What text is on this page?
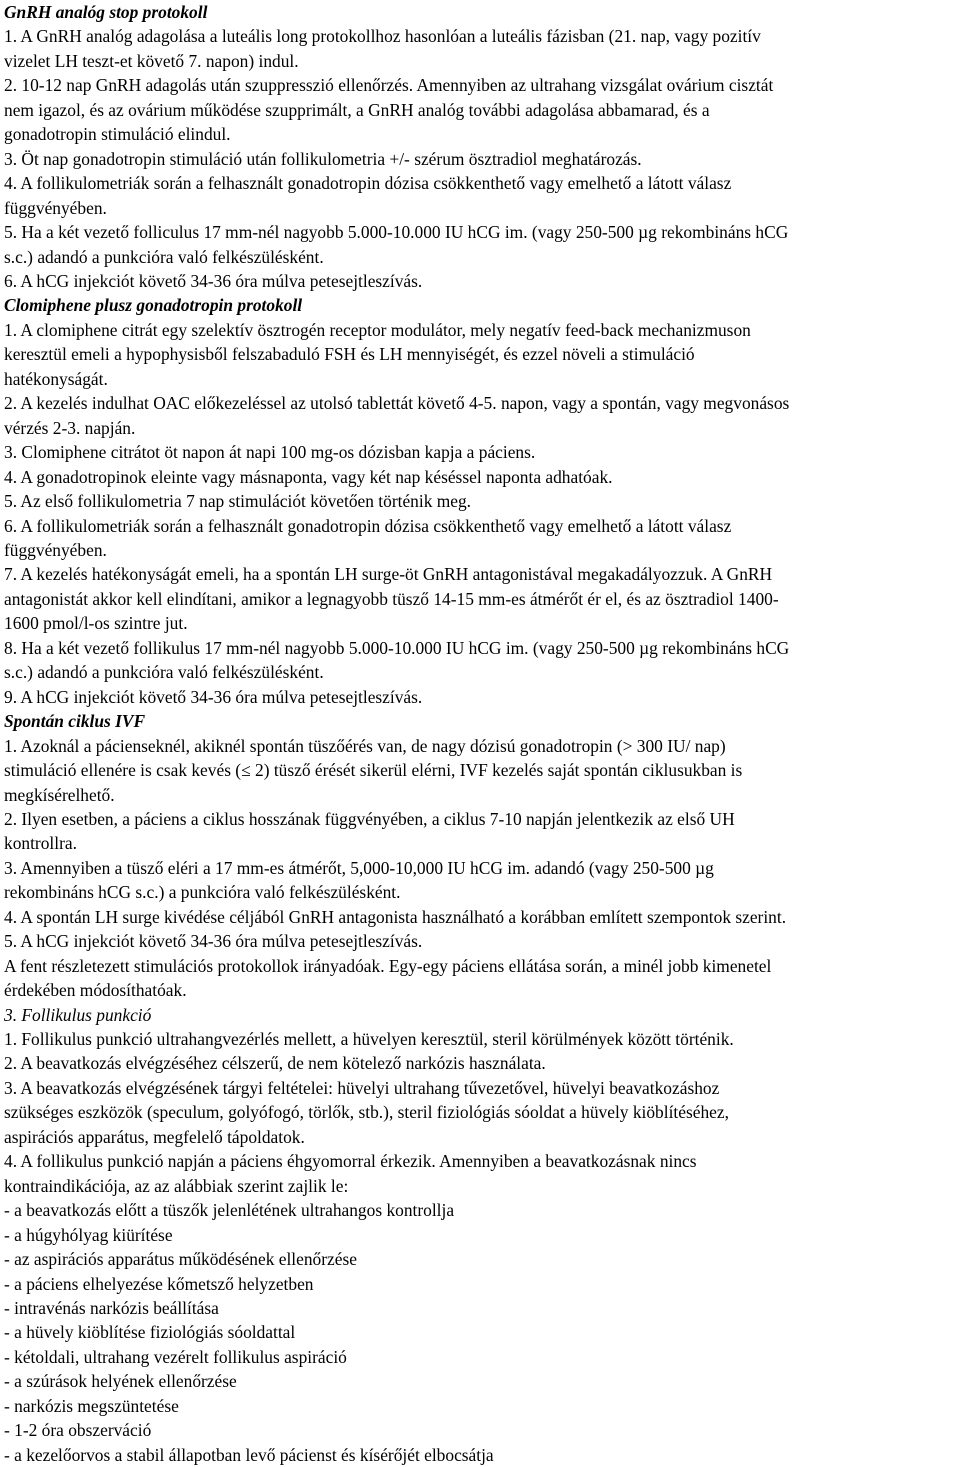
GnRH analóg stop protokoll
1. A GnRH analóg adagolása a luteális long protokollhoz hasonlóan a luteális fázisban (21. nap, vagy pozitív
vizelet LH teszt-et követő 7. napon) indul.
2. 10-12 nap GnRH adagolás után szuppresszió ellenőrzés. Amennyiben az ultrahang vizsgálat ovárium cisztát
nem igazol, és az ovárium működése szupprimált, a GnRH analóg további adagolása abbamarad, és a
gonadotropin stimuláció elindul.
3. Öt nap gonadotropin stimuláció után follikulometria +/- szérum ösztradiol meghatározás.
4. A follikulometriák során a felhasznált gonadotropin dózisa csökkenthető vagy emelhető a látott válasz
függvényében.
5. Ha a két vezető folliculus 17 mm-nél nagyobb 5.000-10.000 IU hCG im. (vagy 250-500 µg rekombináns hCG
s.c.) adandó a punkcióra való felkészülésként.
6. A hCG injekciót követő 34-36 óra múlva petesejtleszívás.
Clomiphene plusz gonadotropin protokoll
1. A clomiphene citrát egy szelektív ösztrogén receptor modulátor, mely negatív feed-back mechanizmuson
keresztül emeli a hypophysisből felszabaduló FSH és LH mennyiségét, és ezzel növeli a stimuláció
hatékonyságát.
2. A kezelés indulhat OAC előkezeléssel az utolsó tablettát követő 4-5. napon, vagy a spontán, vagy megvonásos
vérzés 2-3. napján.
3. Clomiphene citrátot öt napon át napi 100 mg-os dózisban kapja a páciens.
4. A gonadotropinok eleinte vagy másnaponta, vagy két nap késéssel naponta adhatóak.
5. Az első follikulometria 7 nap stimulációt követően történik meg.
6. A follikulometriák során a felhasznált gonadotropin dózisa csökkenthető vagy emelhető a látott válasz
függvényében.
7. A kezelés hatékonyságát emeli, ha a spontán LH surge-öt GnRH antagonistával megakadályozzuk. A GnRH
antagonistát akkor kell elindítani, amikor a legnagyobb tüsző 14-15 mm-es átmérőt ér el, és az ösztradiol 1400-
1600 pmol/l-os szintre jut.
8. Ha a két vezető follikulus 17 mm-nél nagyobb 5.000-10.000 IU hCG im. (vagy 250-500 µg rekombináns hCG
s.c.) adandó a punkcióra való felkészülésként.
9. A hCG injekciót követő 34-36 óra múlva petesejtleszívás.
Spontán ciklus IVF
1. Azoknál a pácienseknél, akiknél spontán tüszőérés van, de nagy dózisú gonadotropin (> 300 IU/ nap)
stimuláció ellenére is csak kevés (≤ 2) tüsző érését sikerül elérni, IVF kezelés saját spontán ciklusukban is
megkísérelhető.
2. Ilyen esetben, a páciens a ciklus hosszának függvényében, a ciklus 7-10 napján jelentkezik az első UH
kontrollra.
3. Amennyiben a tüsző eléri a 17 mm-es átmérőt, 5,000-10,000 IU hCG im. adandó (vagy 250-500 µg
rekombináns hCG s.c.) a punkcióra való felkészülésként.
4. A spontán LH surge kivédése céljából GnRH antagonista használható a korábban említett szempontok szerint.
5. A hCG injekciót követő 34-36 óra múlva petesejtleszívás.
A fent részletezett stimulációs protokollok irányadóak. Egy-egy páciens ellátása során, a minél jobb kimenetel
érdekében módosíthatóak.
3. Follikulus punkció
1. Follikulus punkció ultrahangvezérlés mellett, a hüvelyen keresztül, steril körülmények között történik.
2. A beavatkozás elvégzéséhez célszerű, de nem kötelező narkózis használata.
3. A beavatkozás elvégzésének tárgyi feltételei: hüvelyi ultrahang tűvezetővel, hüvelyi beavatkozáshoz
szükséges eszközök (speculum, golyófogó, törlők, stb.), steril fiziológiás sóoldat a hüvely kiöblítéséhez,
aspirációs apparátus, megfelelő tápoldatok.
4. A follikulus punkció napján a páciens éhgyomorral érkezik. Amennyiben a beavatkozásnak nincs
kontraindikációja, az az alábbiak szerint zajlik le:
- a beavatkozás előtt a tüszők jelenlétének ultrahangos kontrollja
- a húgyhólyag kiürítése
- az aspirációs apparátus működésének ellenőrzése
- a páciens elhelyezése kőmetsző helyzetben
- intravénás narkózis beállítása
- a hüvely kiöblítése fiziológiás sóoldattal
- kétoldali, ultrahang vezérelt follikulus aspiráció
- a szúrások helyének ellenőrzése
- narkózis megszüntetése
- 1-2 óra obszerváció
- a kezelőorvos a stabil állapotban levő pácienst és kísérőjét elbocsátja
